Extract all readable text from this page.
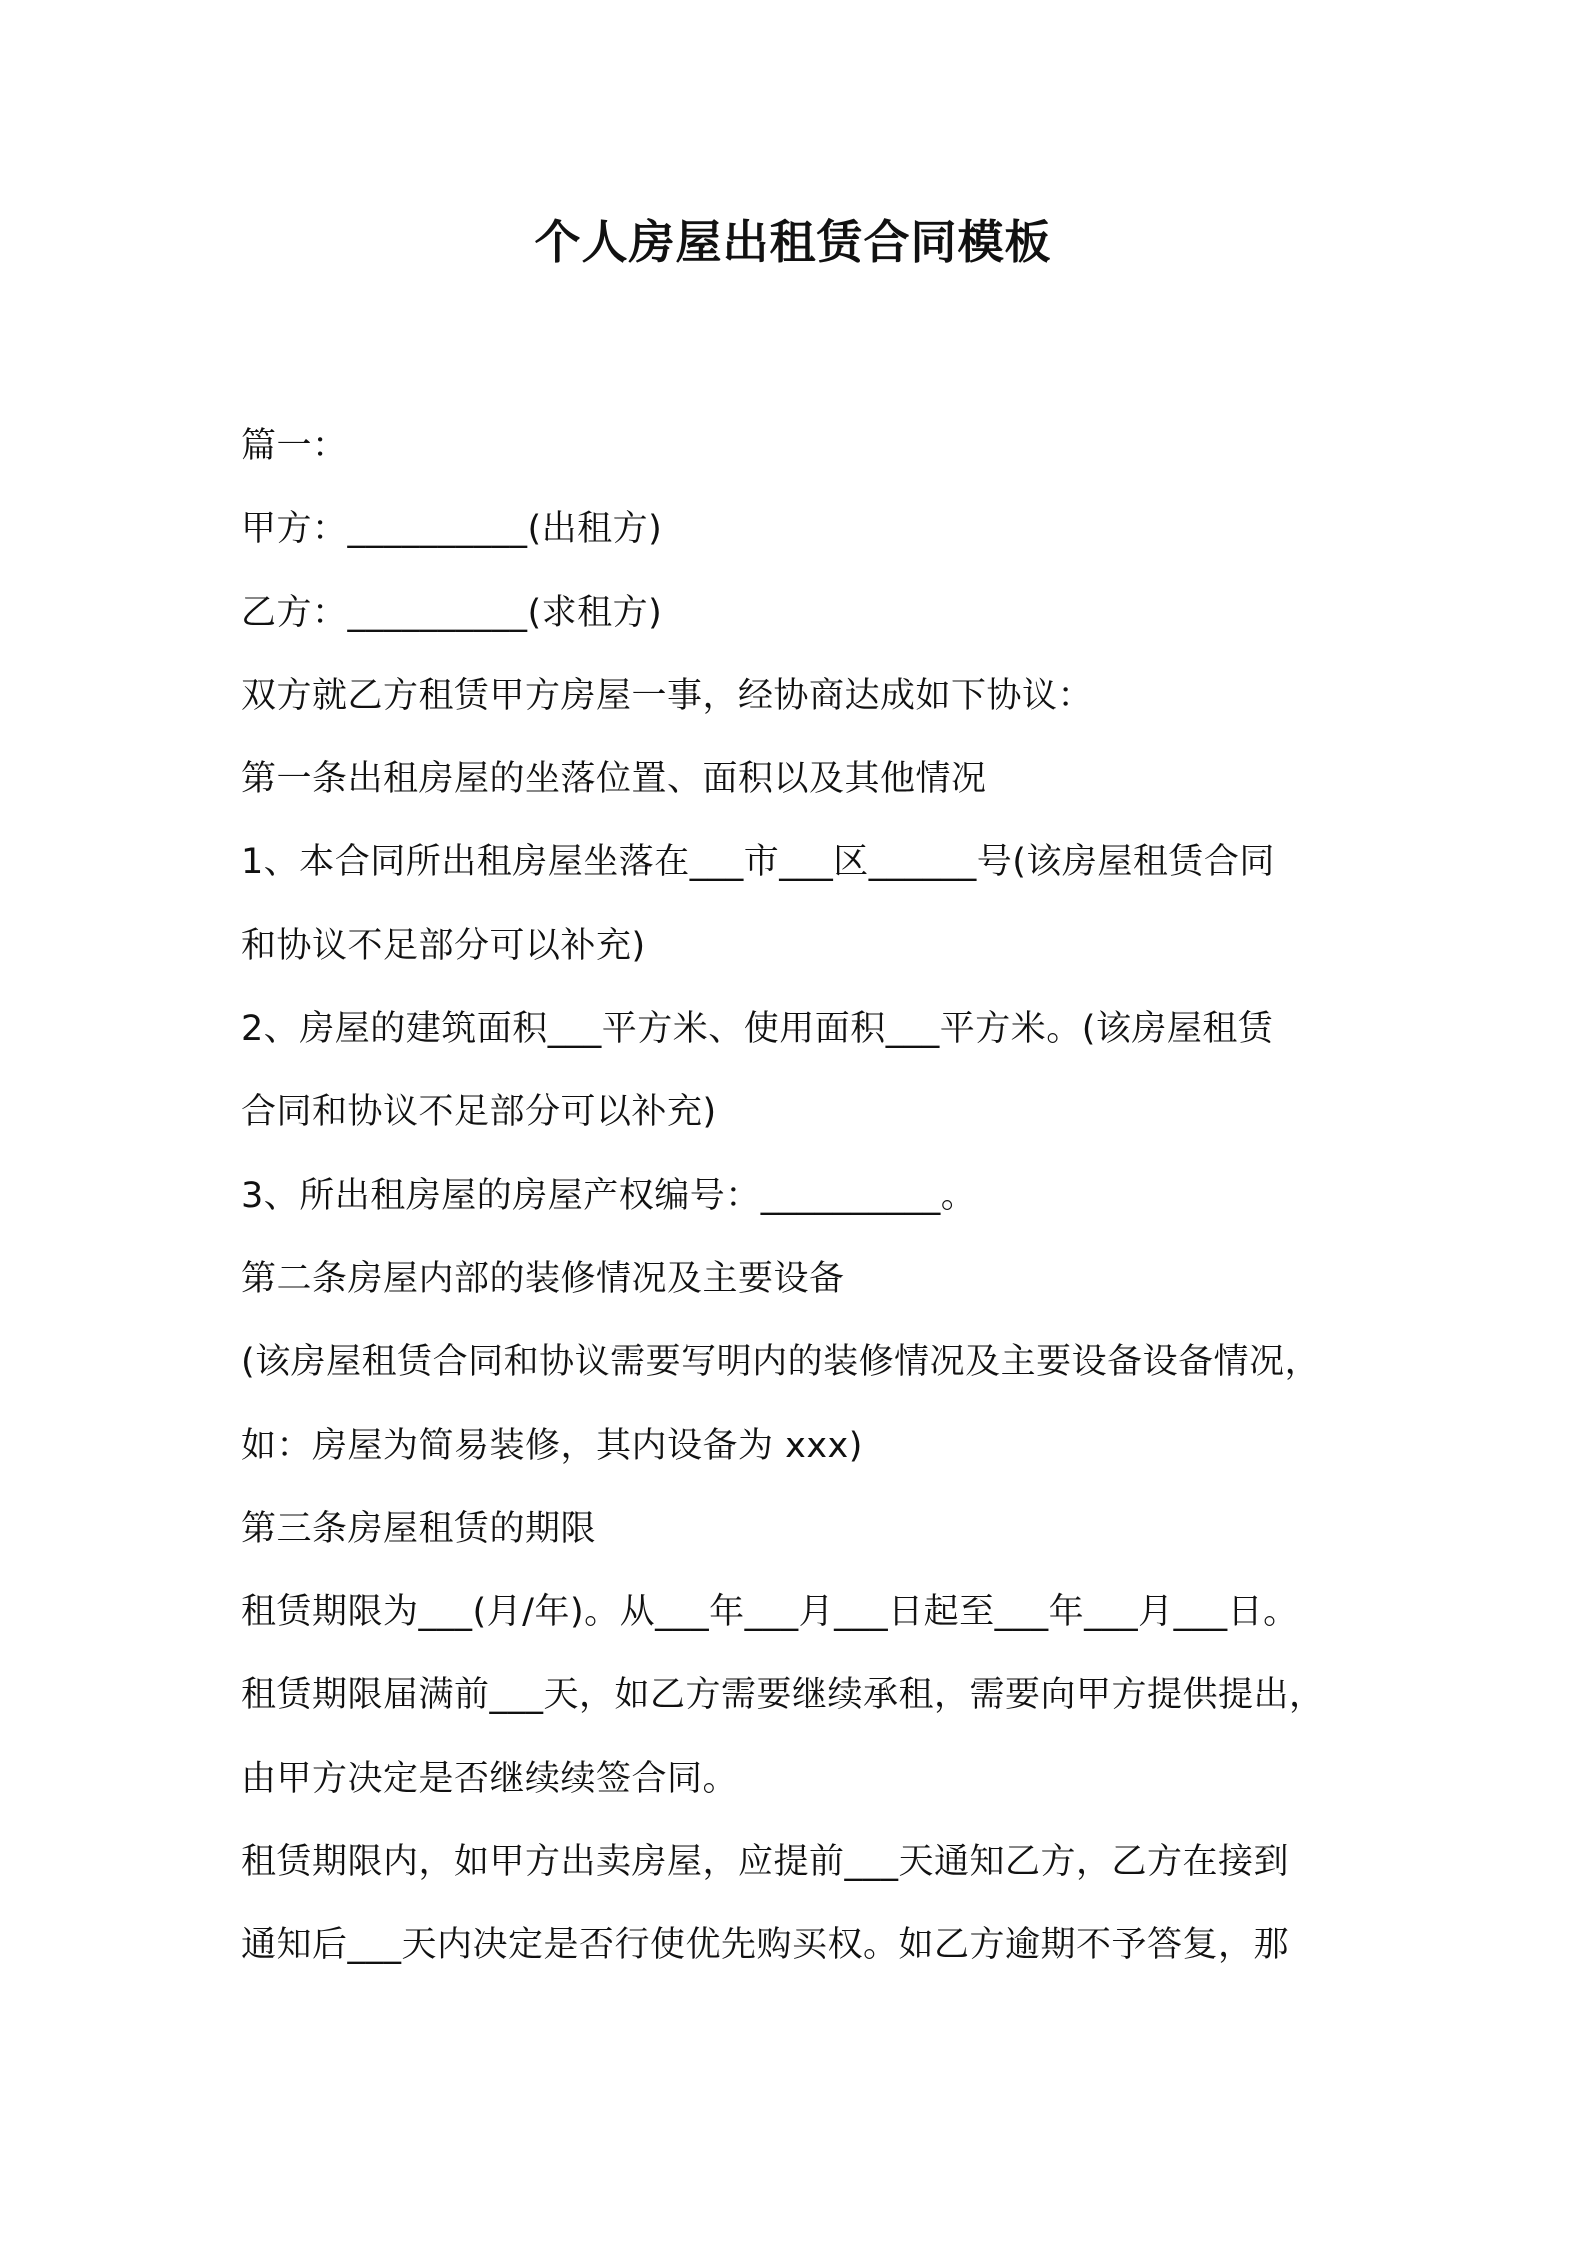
个人房屋出租赁合同模板
篇一：
甲方：__________(出租方)
乙方：__________(求租方)
双方就乙方租赁甲方房屋一事，经协商达成如下协议：
第一条出租房屋的坐落位置、面积以及其他情况
1、本合同所出租房屋坐落在___市___区______号(该房屋租赁合同
和协议不足部分可以补充)
2、房屋的建筑面积___平方米、使用面积___平方米。(该房屋租赁
合同和协议不足部分可以补充)
3、所出租房屋的房屋产权编号：__________。
第二条房屋内部的装修情况及主要设备
(该房屋租赁合同和协议需要写明内的装修情况及主要设备设备情况，
如：房屋为简易装修，其内设备为 xxx)
第三条房屋租赁的期限
租赁期限为___(月/年)。从___年___月___日起至___年___月___日。
租赁期限届满前___天，如乙方需要继续承租，需要向甲方提供提出，
由甲方决定是否继续续签合同。
租赁期限内，如甲方出卖房屋，应提前___天通知乙方，乙方在接到
通知后___天内决定是否行使优先购买权。如乙方逾期不予答复，那
